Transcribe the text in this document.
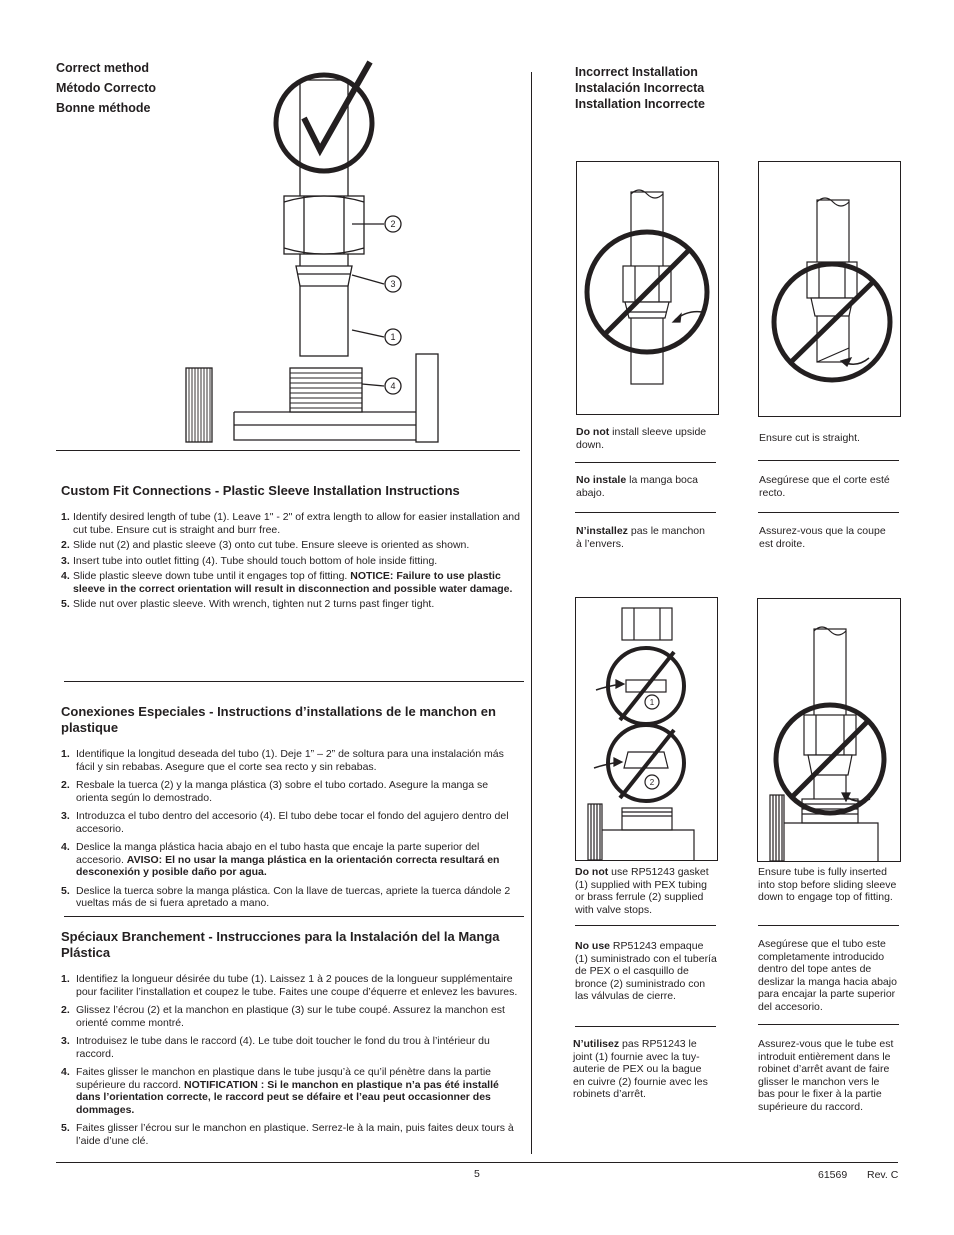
Correct method
Método Correcto
Bonne méthode
2
3
1
4
Custom Fit Connections - Plastic Sleeve Installation Instructions
1. Identify desired length of tube (1). Leave 1" - 2" of extra length to allow for easier installation and cut tube. Ensure cut is straight and burr free.
2. Slide nut (2) and plastic sleeve (3) onto cut tube. Ensure sleeve is oriented as shown.
3. Insert tube into outlet fitting (4). Tube should touch bottom of hole inside fitting.
4. Slide plastic sleeve down tube until it engages top of fitting. NOTICE: Failure to use plastic sleeve in the correct orientation will result in disconnection and possible water damage.
5. Slide nut over plastic sleeve. With wrench, tighten nut 2 turns past finger tight.
Conexiones Especiales - Instructions d’installations de le manchon en plastique
1. Identifique la longitud deseada del tubo (1). Deje 1” – 2” de soltura para una instalación más fácil y sin rebabas. Asegure que el corte sea recto y sin rebabas.
2. Resbale la tuerca (2) y la manga plástica (3) sobre el tubo cortado. Asegure la manga se orienta según lo demostrado.
3. Introduzca el tubo dentro del accesorio (4). El tubo debe tocar el fondo del agujero dentro del accesorio.
4. Deslice la manga plástica hacia abajo en el tubo hasta que encaje la parte superior del accesorio. AVISO: El no usar la manga plástica en la orientación correcta resultará en desconexión y posible daño por agua.
5. Deslice la tuerca sobre la manga plástica. Con la llave de tuercas, apriete la tuerca dándole 2 vueltas más de si fuera apretado a mano.
Spéciaux Branchement - Instrucciones para la Instalación del la Manga Plástica
1. Identifiez la longueur désirée du tube (1). Laissez 1 à 2 pouces de la longueur supplémentaire pour faciliter l’installation et coupez le tube. Faites une coupe d’équerre et enlevez les bavures.
2. Glissez l’écrou (2) et la manchon en plastique (3) sur le tube coupé. Assurez la manchon est orienté comme montré.
3. Introduisez le tube dans le raccord (4). Le tube doit toucher le fond du trou à l’intérieur du raccord.
4. Faites glisser le manchon en plastique dans le tube jusqu’à ce qu’il pénètre dans la partie supérieure du raccord. NOTIFICATION : Si le manchon en plastique n’a pas été installé dans l’orientation correcte, le raccord peut se défaire et l’eau peut occasionner des dommages.
5. Faites glisser l’écrou sur le manchon en plastique. Serrez-le à la main, puis faites deux tours à l’aide d’une clé.
Incorrect Installation
Instalación Incorrecta
Installation Incorrecte
Do not install sleeve upside down.
Ensure cut is straight.
No instale la manga boca abajo.
Asegúrese que el corte esté recto.
N’installez pas le manchon à l’envers.
Assurez-vous que la coupe est droite.
1
2
Do not use RP51243 gasket (1) supplied with PEX tubing or brass ferrule (2) supplied with valve stops.
Ensure tube is fully inserted into stop before sliding sleeve down to engage top of fitting.
No use RP51243 empaque (1) suministrado con el tubería de PEX o el casquillo de bronce (2) suministrado con las válvulas de cierre.
Asegúrese que el tubo este completamente introducido dentro del tope antes de deslizar la manga hacia abajo para encajar la parte superior del accesorio.
N’utilisez pas RP51243 le joint (1) fournie avec la tuy-auterie de PEX ou la bague en cuivre (2) fournie avec les robinets d’arrêt.
Assurez-vous que le tube est introduit entièrement dans le robinet d’arrêt avant de faire glisser le manchon vers le bas pour le fixer à la partie supérieure du raccord.
5	61569 Rev. C
